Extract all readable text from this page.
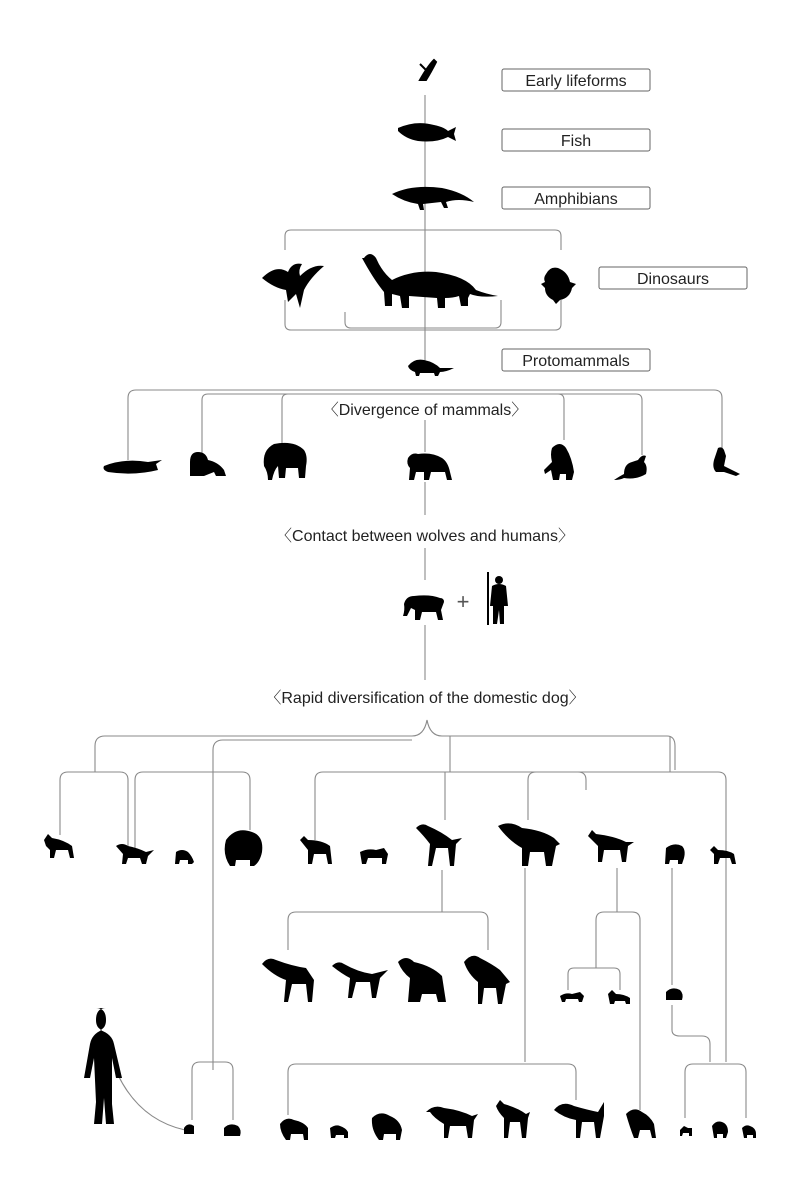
Early lifeforms
Fish
Amphibians
Dinosaurs
Protomammals
〈Divergence of mammals〉
〈Contact between wolves and humans〉
〈Rapid diversification of the domestic dog〉
+
